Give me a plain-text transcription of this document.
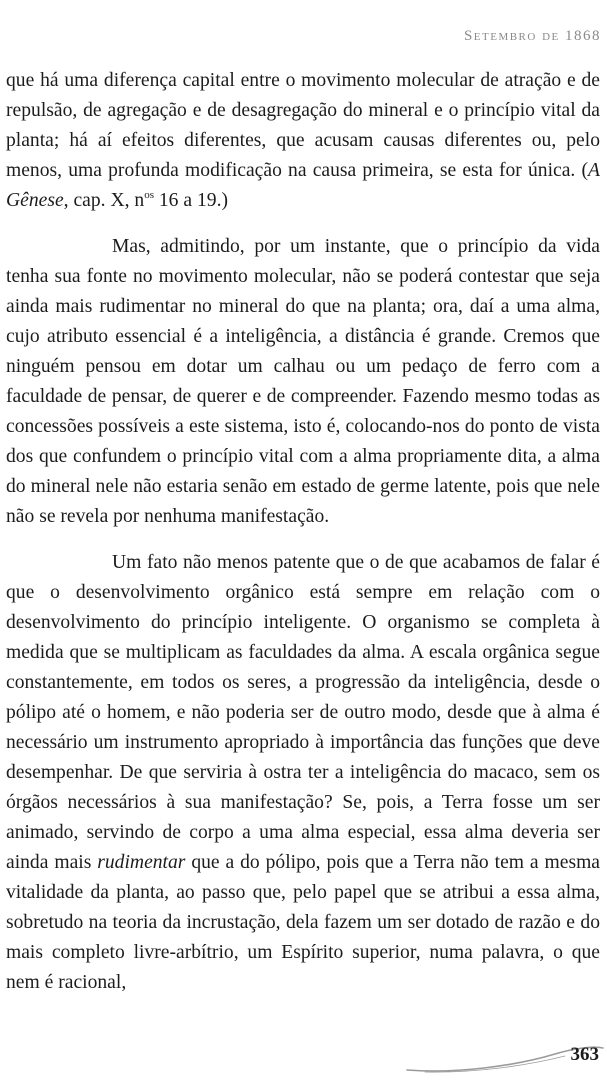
Setembro de 1868

que há uma diferença capital entre o movimento molecular de atração e de repulsão, de agregação e de desagregação do mineral e o princípio vital da planta; há aí efeitos diferentes, que acusam causas diferentes ou, pelo menos, uma profunda modificação na causa primeira, se esta for única. (A Gênese, cap. X, $n^{os}$ 16 a 19.)

Mas, admitindo, por um instante, que o princípio da vida tenha sua fonte no movimento molecular, não se poderá contestar que seja ainda mais rudimentar no mineral do que na planta; ora, daí a uma alma, cujo atributo essencial é a inteligência, a distância é grande. Cremos que ninguém pensou em dotar um calhau ou um pedaço de ferro com a faculdade de pensar, de querer e de compreender. Fazendo mesmo todas as concessões possíveis a este sistema, isto é, colocando-nos do ponto de vista dos que confundem o princípio vital com a alma propriamente dita, a alma do mineral nele não estaria senão em estado de germe latente, pois que nele não se revela por nenhuma manifestação.

Um fato não menos patente que o de que acabamos de falar é que o desenvolvimento orgânico está sempre em relação com o desenvolvimento do princípio inteligente. O organismo se completa à medida que se multiplicam as faculdades da alma. A escala orgânica segue constantemente, em todos os seres, a progressão da inteligência, desde o pólipo até o homem, e não poderia ser de outro modo, desde que à alma é necessário um instrumento apropriado à importância das funções que deve desempenhar. De que serviria à ostra ter a inteligência do macaco, sem os órgãos necessários à sua manifestação? Se, pois, a Terra fosse um ser animado, servindo de corpo a uma alma especial, essa alma deveria ser ainda mais rudimentar que a do pólipo, pois que a Terra não tem a mesma vitalidade da planta, ao passo que, pelo papel que se atribui a essa alma, sobretudo na teoria da incrustação, dela fazem um ser dotado de razão e do mais completo livre-arbítrio, um Espírito superior, numa palavra, o que nem é racional,

363
